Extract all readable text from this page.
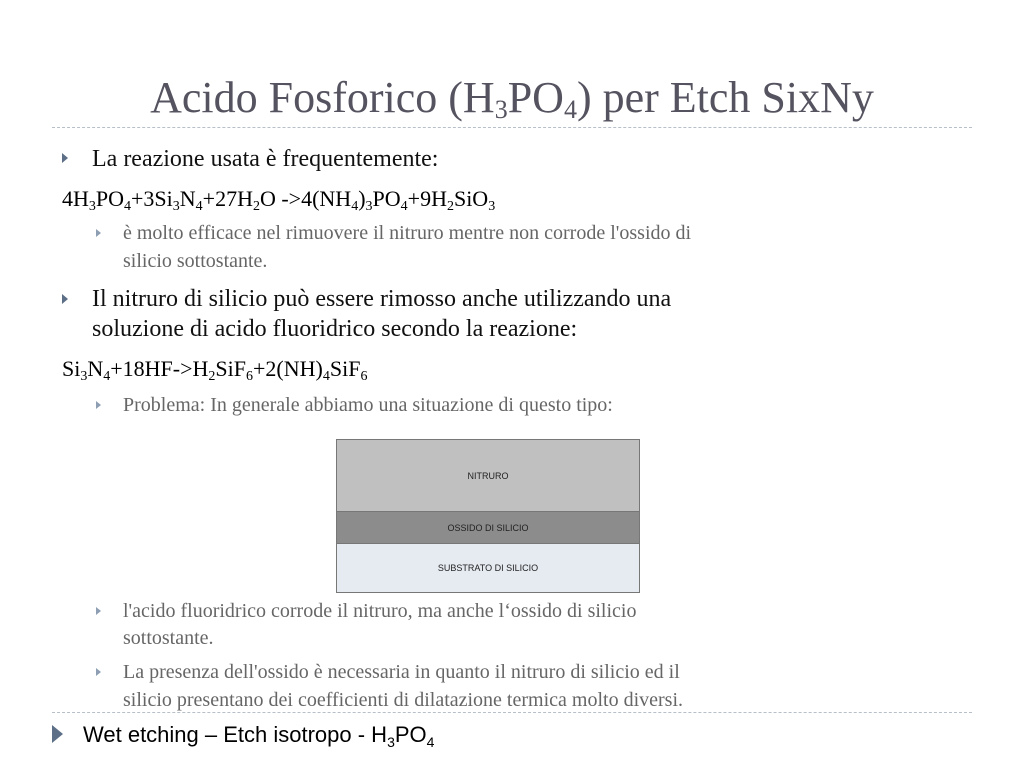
Acido Fosforico $(H_3PO_4)$ per Etch SixNy
La reazione usata è frequentemente:
$4H_3PO_4+3Si_3N_4+27H_2O$ $->4(NH_4)_3PO_4+9H_2SiO_3$
è molto efficace nel rimuovere il nitruro mentre non corrode l'ossido di
silicio sottostante.
Il nitruro di silicio può essere rimosso anche utilizzando una
soluzione di acido fluoridrico secondo la reazione:
$Si_3N_4+18HF->H_2SiF_6+2(NH)_4SiF_6$
Problema: In generale abbiamo una situazione di questo tipo:
NITRURO
OSSIDO DI SILICIO
SUBSTRATO DI SILICIO
l'acido fluoridrico corrode il nitruro, ma anche l‘ossido di silicio
sottostante.
La presenza dell'ossido è necessaria in quanto il nitruro di silicio ed il
silicio presentano dei coefficienti di dilatazione termica molto diversi.
Wet etching – Etch isotropo - $H_3PO_4$
